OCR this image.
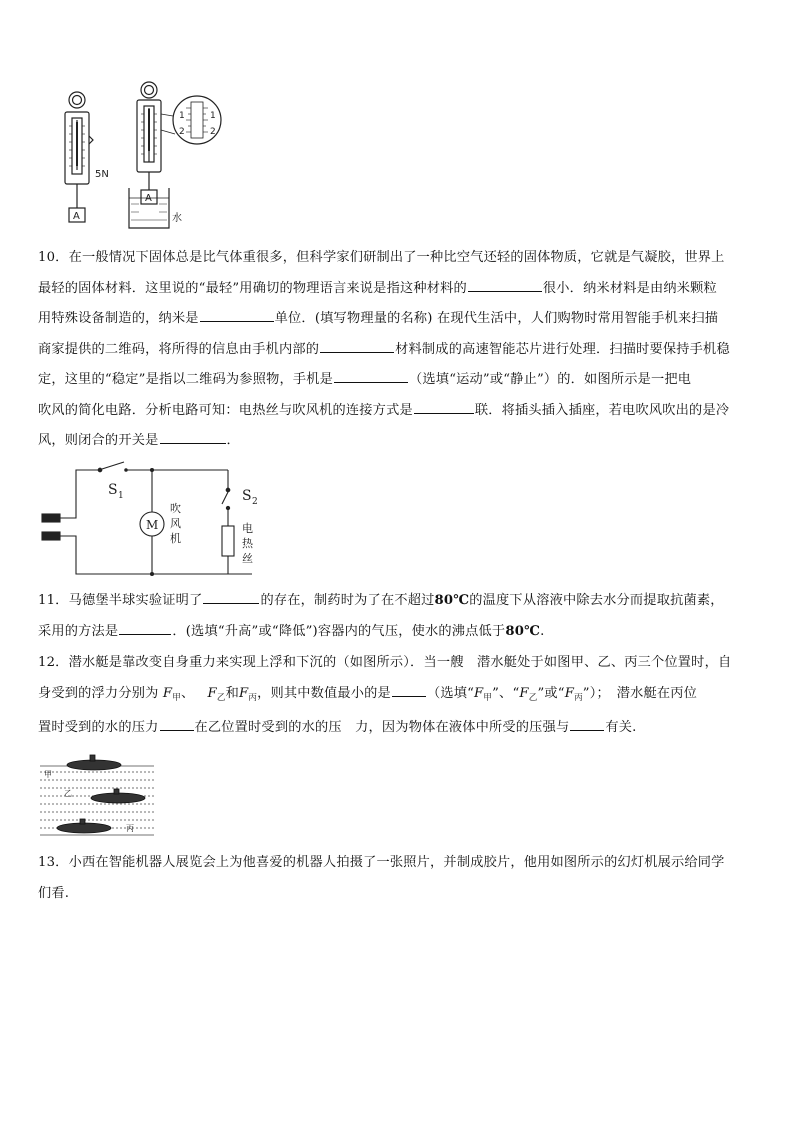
5N
A
A
水
1
2
1
2
10．在一般情况下固体总是比气体重很多，但科学家们研制出了一种比空气还轻的固体物质，它就是气凝胶，世界上
最轻的固体材料．这里说的“最轻”用确切的物理语言来说是指这种材料的	很小．纳米材料是由纳米颗粒
用特殊设备制造的，纳米是	单位．(填写物理量的名称) 在现代生活中，人们购物时常用智能手机来扫描
商家提供的二维码，将所得的信息由手机内部的	材料制成的高速智能芯片进行处理．扫描时要保持手机稳
定，这里的“稳定”是指以二维码为参照物，手机是	（选填“运动”或“静止”）的．如图所示是一把电
吹风的简化电路．分析电路可知：电热丝与吹风机的连接方式是	联．将插头插入插座，若电吹风吹出的是冷
风，则闭合的开关是	．
S 1	S 2
M
吹
风
机
电
热
丝
11．马德堡半球实验证明了	的存在，制药时为了在不超过80℃的温度下从溶液中除去水分而提取抗菌素，
采用的方法是	．(选填“升高”或“降低”)容器内的气压，使水的沸点低于80℃.
12．潜水艇是靠改变自身重力来实现上浮和下沉的（如图所示）．当一艘　潜水艇处于如图甲、乙、丙三个位置时，自
身受到的浮力分别为 $F_甲$、 $F_乙$和$F_丙$，则其中数值最小的是	（选填“$F_甲$”、“$F_乙$”或“$F_丙$”）；　潜水艇在丙位
置时受到的水的压力	在乙位置时受到的水的压　力，因为物体在液体中所受的压强与	有关.
甲
乙
丙
13．小西在智能机器人展览会上为他喜爱的机器人拍摄了一张照片，并制成胶片，他用如图所示的幻灯机展示给同学
们看.
